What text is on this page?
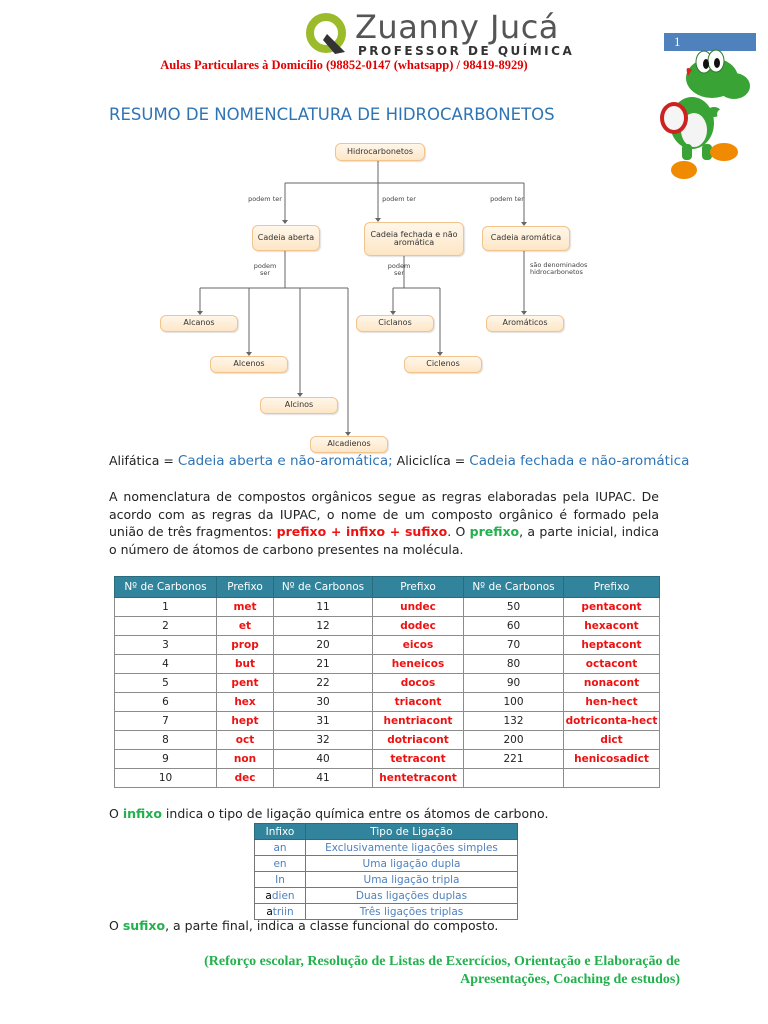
Zuanny Jucá
PROFESSOR DE QUÍMICA
Aulas Particulares à Domicílio (98852-0147 (whatsapp) / 98419-8929)
1
RESUMO DE NOMENCLATURA DE HIDROCARBONETOS
Hidrocarbonetos
podem ter	podem ter	podem ter
Cadeia aberta	Cadeia fechada e não aromática
Cadeia aromática
podem ser
podem ser
são denominados hidrocarbonetos
Alcanos
Alcenos
Alcinos
Alcadienos
Ciclanos
Ciclenos
Aromáticos
Alifática = Cadeia aberta e não-aromática; Aliciclíca = Cadeia fechada e não-aromática
A nomenclatura de compostos orgânicos segue as regras elaboradas pela IUPAC. De acordo com as regras da IUPAC, o nome de um composto orgânico é formado pela união de três fragmentos: prefixo + infixo + sufixo. O prefixo, a parte inicial, indica o número de átomos de carbono presentes na molécula.
Nº de Carbonos	Prefixo	Nº de Carbonos	Prefixo	Nº de Carbonos	Prefixo
1	met	11	undec	50	pentacont
2	et	12	dodec	60	hexacont
3	prop	20	eicos	70	heptacont
4	but	21	heneicos	80	octacont
5	pent	22	docos	90	nonacont
6	hex	30	triacont	100	hen-hect
7	hept	31	hentriacont	132	dotriconta-hect
8	oct	32	dotriacont	200	dict
9	non	40	tetracont	221	henicosadict
10	dec	41	hentetracont		
O infixo indica o tipo de ligação química entre os átomos de carbono.
Infixo	Tipo de Ligação
an	Exclusivamente ligações simples
en	Uma ligação dupla
In	Uma ligação tripla
adien	Duas ligações duplas
atriin	Três ligações triplas
O sufixo, a parte final, indica a classe funcional do composto.
(Reforço escolar, Resolução de Listas de Exercícios, Orientação e Elaboração de
Apresentações, Coaching de estudos)
